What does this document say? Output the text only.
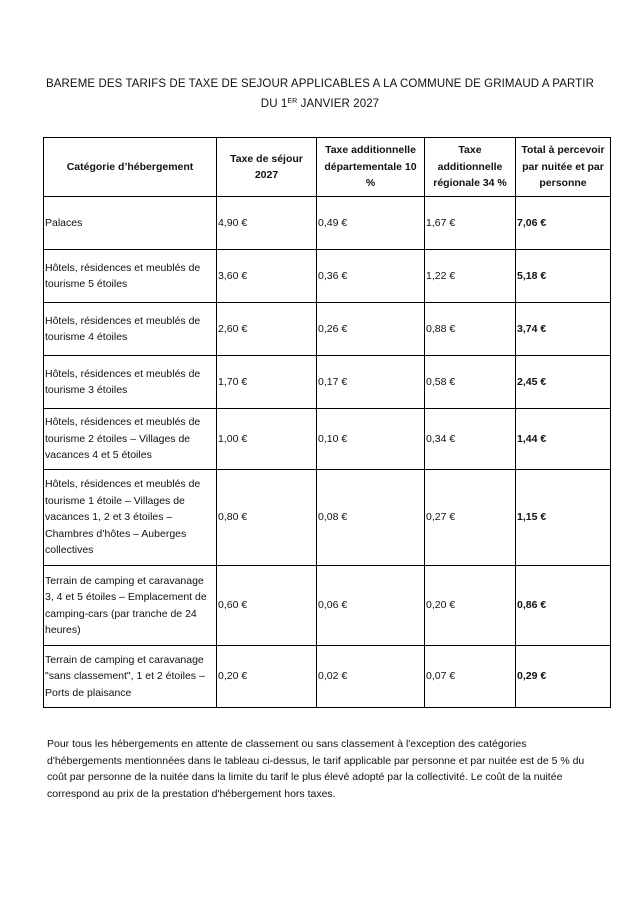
BAREME DES TARIFS DE TAXE DE SEJOUR APPLICABLES A LA COMMUNE DE GRIMAUD A PARTIR
DU 1ER JANVIER 2027
Catégorie d’hébergement	Taxe de séjour 2027	Taxe additionnelle départementale 10 %	Taxe additionnelle régionale 34 %	Total à percevoir par nuitée et par personne
Palaces	4,90 €	0,49 €	1,67 €	7,06 €
Hôtels, résidences et meublés de tourisme 5 étoiles	3,60 €	0,36 €	1,22 €	5,18 €
Hôtels, résidences et meublés de tourisme 4 étoiles	2,60 €	0,26 €	0,88 €	3,74 €
Hôtels, résidences et meublés de tourisme 3 étoiles	1,70 €	0,17 €	0,58 €	2,45 €
Hôtels, résidences et meublés de tourisme 2 étoiles – Villages de vacances 4 et 5 étoiles	1,00 €	0,10 €	0,34 €	1,44 €
Hôtels, résidences et meublés de tourisme 1 étoile – Villages de vacances 1, 2 et 3 étoiles – Chambres d’hôtes – Auberges collectives	0,80 €	0,08 €	0,27 €	1,15 €
Terrain de camping et caravanage 3, 4 et 5 étoiles – Emplacement de camping-cars (par tranche de 24 heures)	0,60 €	0,06 €	0,20 €	0,86 €
Terrain de camping et caravanage "sans classement", 1 et 2 étoiles – Ports de plaisance	0,20 €	0,02 €	0,07 €	0,29 €
Pour tous les hébergements en attente de classement ou sans classement à l'exception des catégories d'hébergements mentionnées dans le tableau ci-dessus, le tarif applicable par personne et par nuitée est de 5 % du coût par personne de la nuitée dans la limite du tarif le plus élevé adopté par la collectivité. Le coût de la nuitée correspond au prix de la prestation d'hébergement hors taxes.
